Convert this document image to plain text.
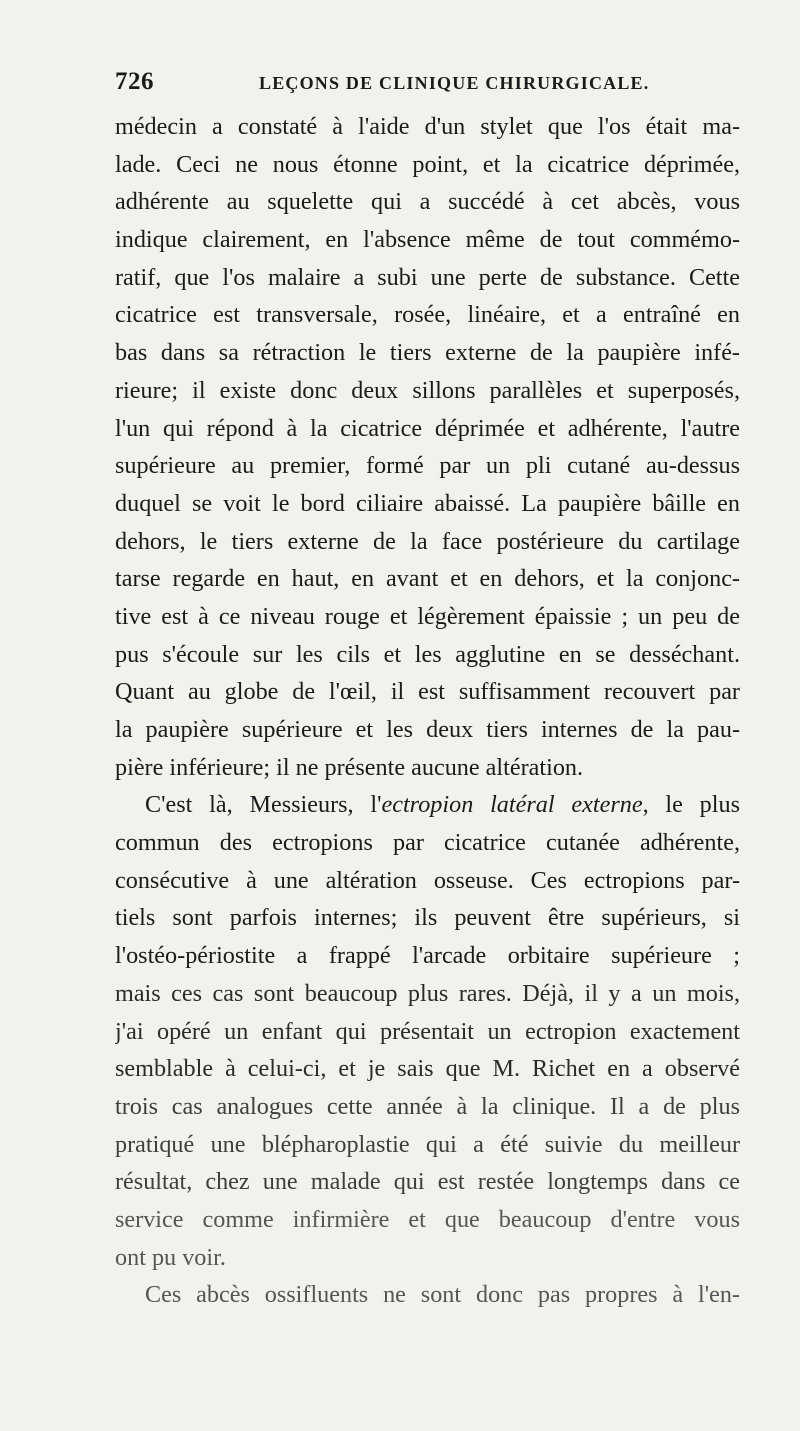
726	LEÇONS DE CLINIQUE CHIRURGICALE.
médecin a constaté à l'aide d'un stylet que l'os était ma-
lade. Ceci ne nous étonne point, et la cicatrice déprimée,
adhérente au squelette qui a succédé à cet abcès, vous
indique clairement, en l'absence même de tout commémo-
ratif, que l'os malaire a subi une perte de substance. Cette
cicatrice est transversale, rosée, linéaire, et a entraîné en
bas dans sa rétraction le tiers externe de la paupière infé-
rieure; il existe donc deux sillons parallèles et superposés,
l'un qui répond à la cicatrice déprimée et adhérente, l'autre
supérieure au premier, formé par un pli cutané au-dessus
duquel se voit le bord ciliaire abaissé. La paupière bâille en
dehors, le tiers externe de la face postérieure du cartilage
tarse regarde en haut, en avant et en dehors, et la conjonc-
tive est à ce niveau rouge et légèrement épaissie ; un peu de
pus s'écoule sur les cils et les agglutine en se desséchant.
Quant au globe de l'œil, il est suffisamment recouvert par
la paupière supérieure et les deux tiers internes de la pau-
pière inférieure; il ne présente aucune altération.
C'est là, Messieurs, l'ectropion latéral externe, le plus
commun des ectropions par cicatrice cutanée adhérente,
consécutive à une altération osseuse. Ces ectropions par-
tiels sont parfois internes; ils peuvent être supérieurs, si
l'ostéo-périostite a frappé l'arcade orbitaire supérieure ;
mais ces cas sont beaucoup plus rares. Déjà, il y a un mois,
j'ai opéré un enfant qui présentait un ectropion exactement
semblable à celui-ci, et je sais que M. Richet en a observé
trois cas analogues cette année à la clinique. Il a de plus
pratiqué une blépharoplastie qui a été suivie du meilleur
résultat, chez une malade qui est restée longtemps dans ce
service comme infirmière et que beaucoup d'entre vous
ont pu voir.
Ces abcès ossifluents ne sont donc pas propres à l'en-
